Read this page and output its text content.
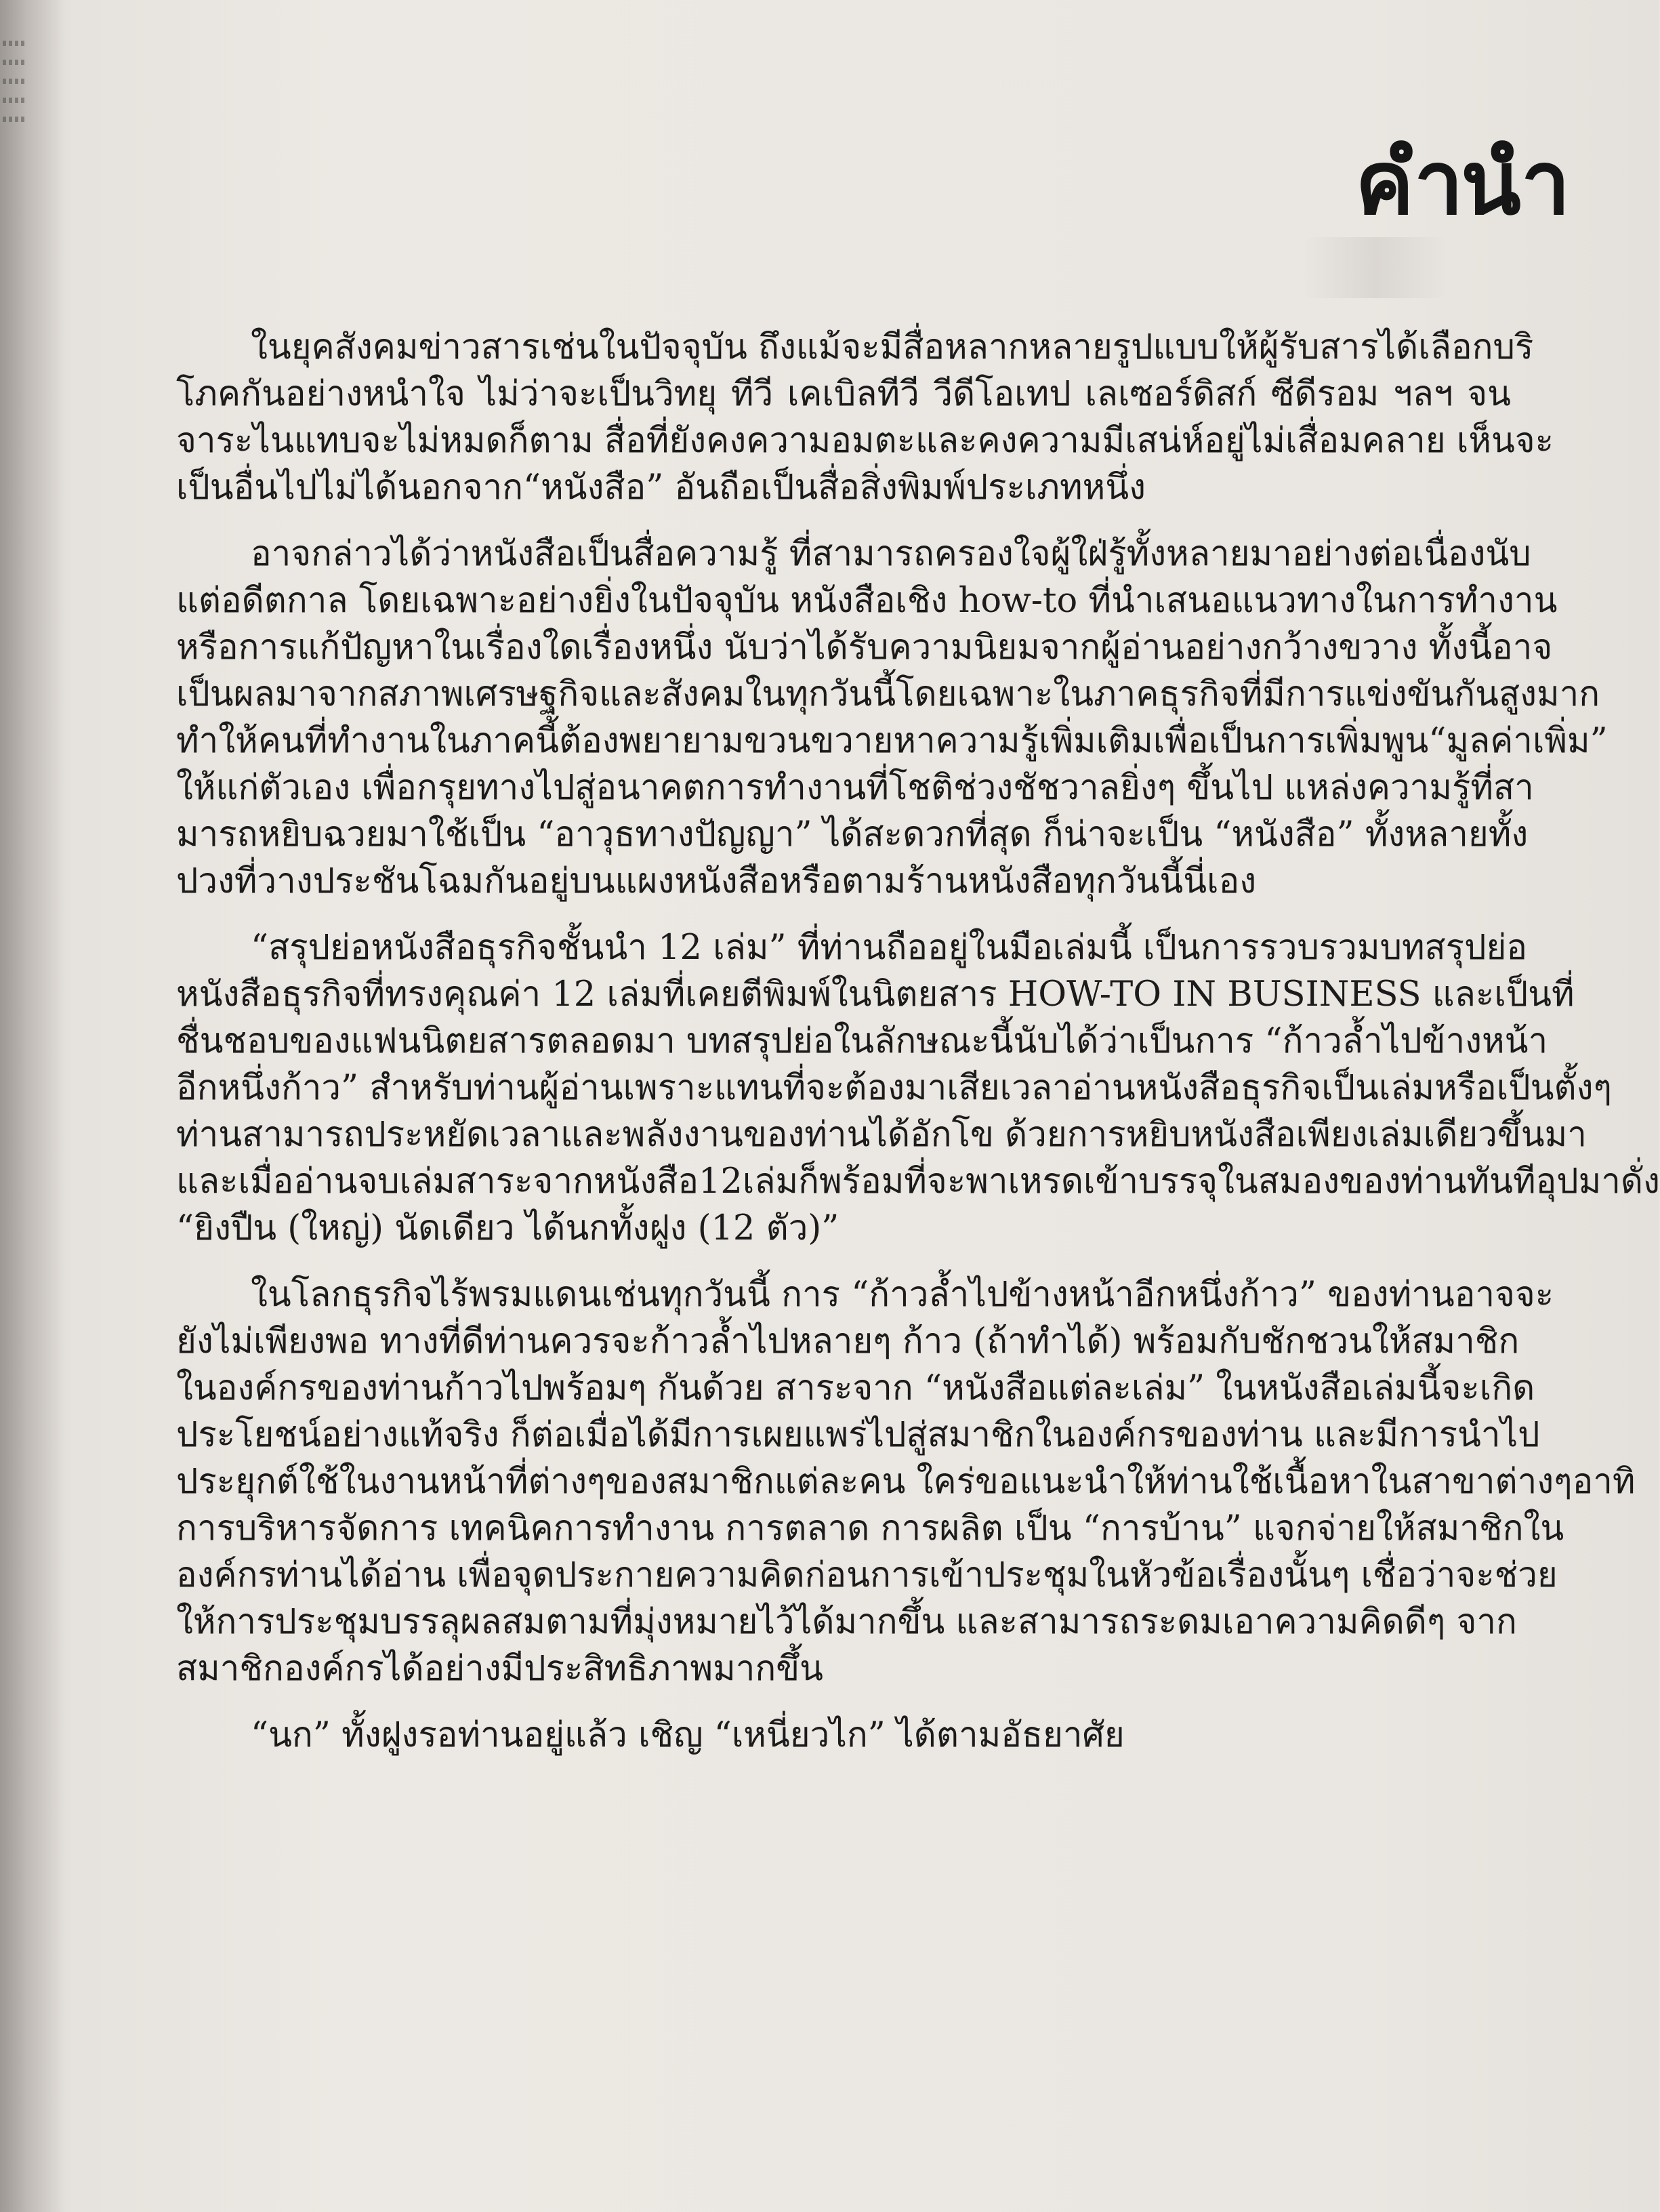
คำนำ
ในยุคสังคมข่าวสารเช่นในปัจจุบัน ถึงแม้จะมีสื่อหลากหลายรูปแบบให้ผู้รับสารได้เลือกบริ
โภคกันอย่างหนำใจ ไม่ว่าจะเป็นวิทยุ ทีวี เคเบิลทีวี วีดีโอเทป เลเซอร์ดิสก์ ซีดีรอม ฯลฯ จน
จาระไนแทบจะไม่หมดก็ตาม สื่อที่ยังคงความอมตะและคงความมีเสน่ห์อยู่ไม่เสื่อมคลาย เห็นจะ
เป็นอื่นไปไม่ได้นอกจาก“หนังสือ” อันถือเป็นสื่อสิ่งพิมพ์ประเภทหนึ่ง
อาจกล่าวได้ว่าหนังสือเป็นสื่อความรู้ ที่สามารถครองใจผู้ใฝ่รู้ทั้งหลายมาอย่างต่อเนื่องนับ
แต่อดีตกาล โดยเฉพาะอย่างยิ่งในปัจจุบัน หนังสือเชิง how-to ที่นำเสนอแนวทางในการทำงาน
หรือการแก้ปัญหาในเรื่องใดเรื่องหนึ่ง นับว่าได้รับความนิยมจากผู้อ่านอย่างกว้างขวาง ทั้งนี้อาจ
เป็นผลมาจากสภาพเศรษฐกิจและสังคมในทุกวันนี้โดยเฉพาะในภาคธุรกิจที่มีการแข่งขันกันสูงมาก
ทำให้คนที่ทำงานในภาคนี้ต้องพยายามขวนขวายหาความรู้เพิ่มเติมเพื่อเป็นการเพิ่มพูน“มูลค่าเพิ่ม”
ให้แก่ตัวเอง เพื่อกรุยทางไปสู่อนาคตการทำงานที่โชติช่วงชัชวาลยิ่งๆ ขึ้นไป แหล่งความรู้ที่สา
มารถหยิบฉวยมาใช้เป็น “อาวุธทางปัญญา” ได้สะดวกที่สุด ก็น่าจะเป็น “หนังสือ” ทั้งหลายทั้ง
ปวงที่วางประชันโฉมกันอยู่บนแผงหนังสือหรือตามร้านหนังสือทุกวันนี้นี่เอง
“สรุปย่อหนังสือธุรกิจชั้นนำ 12 เล่ม” ที่ท่านถืออยู่ในมือเล่มนี้ เป็นการรวบรวมบทสรุปย่อ
หนังสือธุรกิจที่ทรงคุณค่า 12 เล่มที่เคยตีพิมพ์ในนิตยสาร HOW-TO IN BUSINESS และเป็นที่
ชื่นชอบของแฟนนิตยสารตลอดมา บทสรุปย่อในลักษณะนี้นับได้ว่าเป็นการ “ก้าวล้ำไปข้างหน้า
อีกหนึ่งก้าว” สำหรับท่านผู้อ่านเพราะแทนที่จะต้องมาเสียเวลาอ่านหนังสือธุรกิจเป็นเล่มหรือเป็นตั้งๆ
ท่านสามารถประหยัดเวลาและพลังงานของท่านได้อักโข ด้วยการหยิบหนังสือเพียงเล่มเดียวขึ้นมา
และเมื่ออ่านจบเล่มสาระจากหนังสือ12เล่มก็พร้อมที่จะพาเหรดเข้าบรรจุในสมองของท่านทันทีอุปมาดั่ง
“ยิงปืน (ใหญ่) นัดเดียว ได้นกทั้งฝูง (12 ตัว)”
ในโลกธุรกิจไร้พรมแดนเช่นทุกวันนี้ การ “ก้าวล้ำไปข้างหน้าอีกหนึ่งก้าว” ของท่านอาจจะ
ยังไม่เพียงพอ ทางที่ดีท่านควรจะก้าวล้ำไปหลายๆ ก้าว (ถ้าทำได้) พร้อมกับชักชวนให้สมาชิก
ในองค์กรของท่านก้าวไปพร้อมๆ กันด้วย สาระจาก “หนังสือแต่ละเล่ม” ในหนังสือเล่มนี้จะเกิด
ประโยชน์อย่างแท้จริง ก็ต่อเมื่อได้มีการเผยแพร่ไปสู่สมาชิกในองค์กรของท่าน และมีการนำไป
ประยุกต์ใช้ในงานหน้าที่ต่างๆของสมาชิกแต่ละคน ใคร่ขอแนะนำให้ท่านใช้เนื้อหาในสาขาต่างๆอาทิ
การบริหารจัดการ เทคนิคการทำงาน การตลาด การผลิต เป็น “การบ้าน” แจกจ่ายให้สมาชิกใน
องค์กรท่านได้อ่าน เพื่อจุดประกายความคิดก่อนการเข้าประชุมในหัวข้อเรื่องนั้นๆ เชื่อว่าจะช่วย
ให้การประชุมบรรลุผลสมตามที่มุ่งหมายไว้ได้มากขึ้น และสามารถระดมเอาความคิดดีๆ จาก
สมาชิกองค์กรได้อย่างมีประสิทธิภาพมากขึ้น
“นก” ทั้งฝูงรอท่านอยู่แล้ว เชิญ “เหนี่ยวไก” ได้ตามอัธยาศัย
